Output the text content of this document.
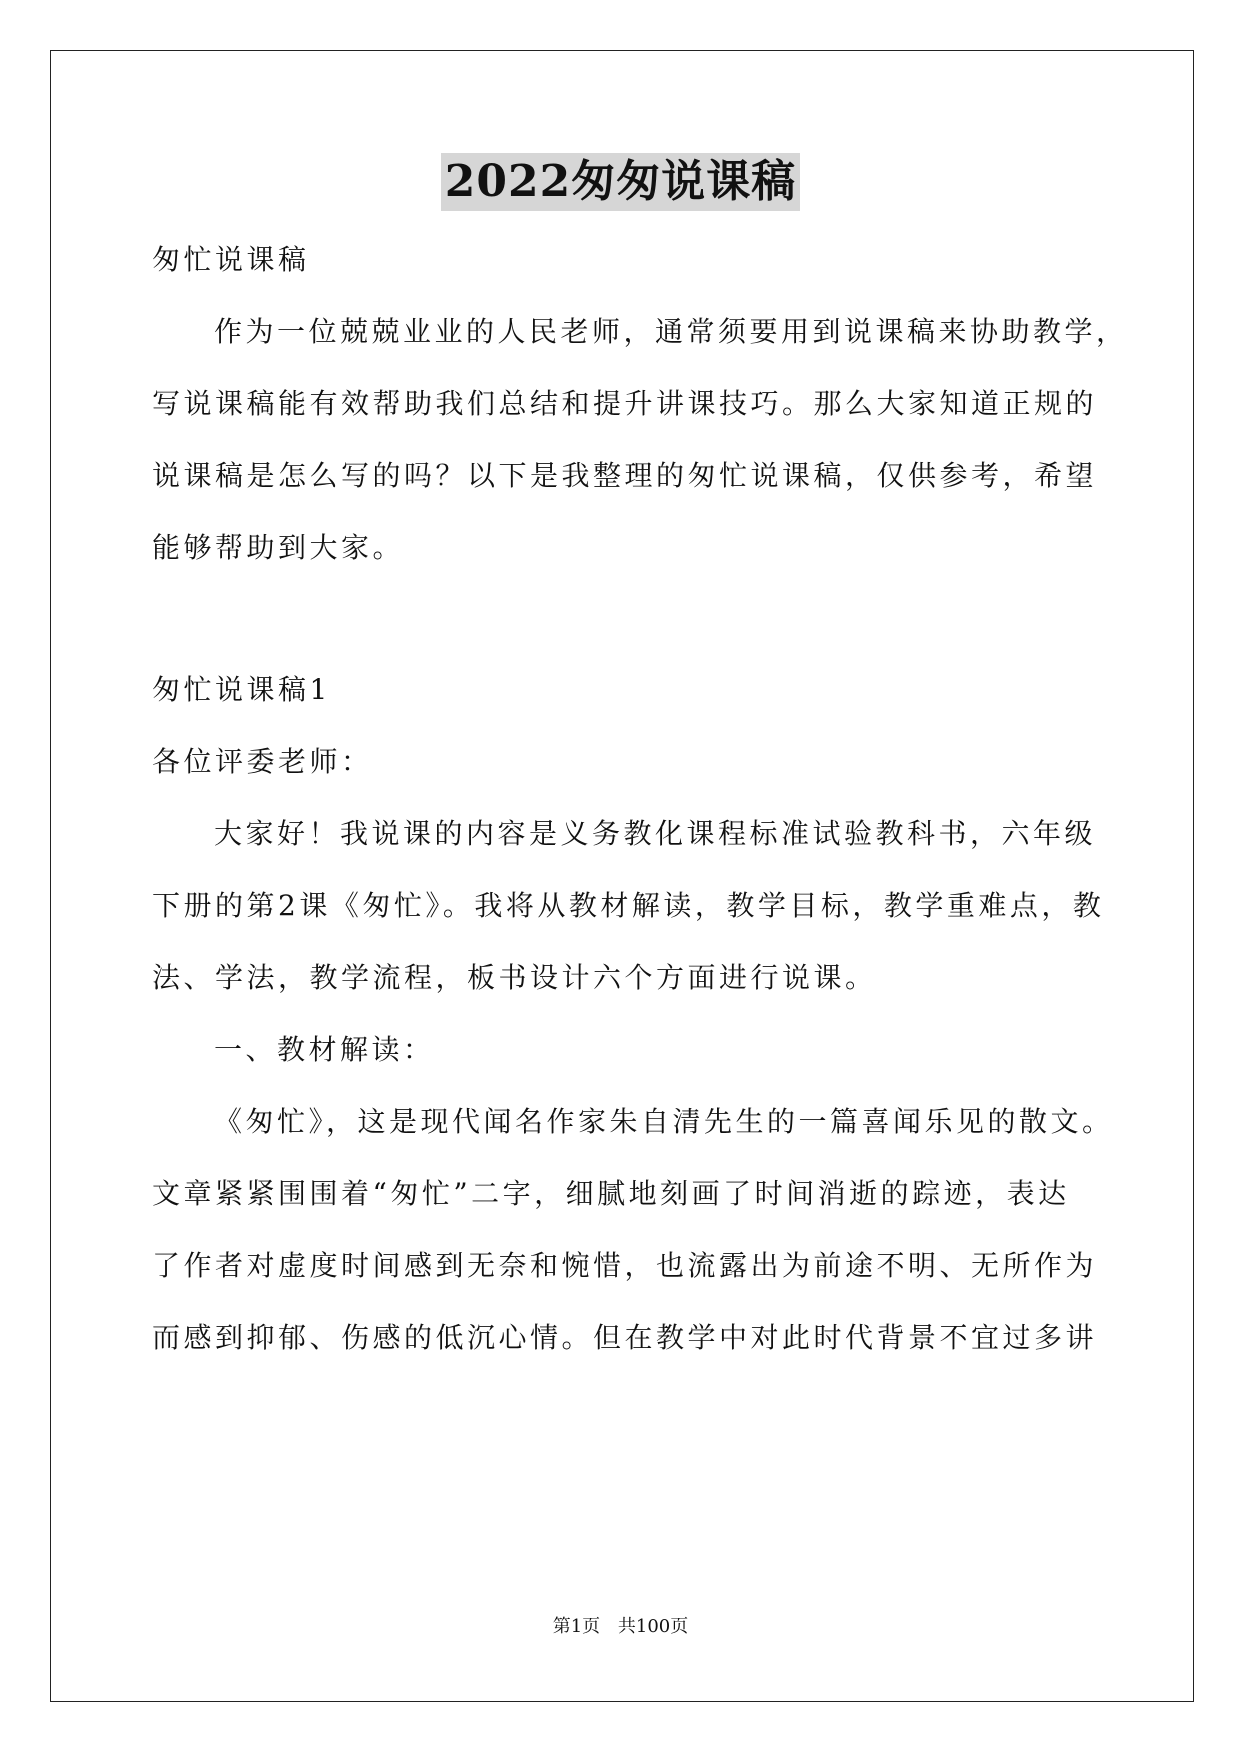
2022匆匆说课稿
匆忙说课稿
作为一位兢兢业业的人民老师，通常须要用到说课稿来协助教学，
写说课稿能有效帮助我们总结和提升讲课技巧。那么大家知道正规的
说课稿是怎么写的吗？以下是我整理的匆忙说课稿，仅供参考，希望
能够帮助到大家。
匆忙说课稿1
各位评委老师：
大家好！我说课的内容是义务教化课程标准试验教科书，六年级
下册的第2课《匆忙》。我将从教材解读，教学目标，教学重难点，教
法、学法，教学流程，板书设计六个方面进行说课。
一、教材解读：
《匆忙》，这是现代闻名作家朱自清先生的一篇喜闻乐见的散文。
文章紧紧围围着“匆忙”二字，细腻地刻画了时间消逝的踪迹，表达
了作者对虚度时间感到无奈和惋惜，也流露出为前途不明、无所作为
而感到抑郁、伤感的低沉心情。但在教学中对此时代背景不宜过多讲
第1页 共100页
